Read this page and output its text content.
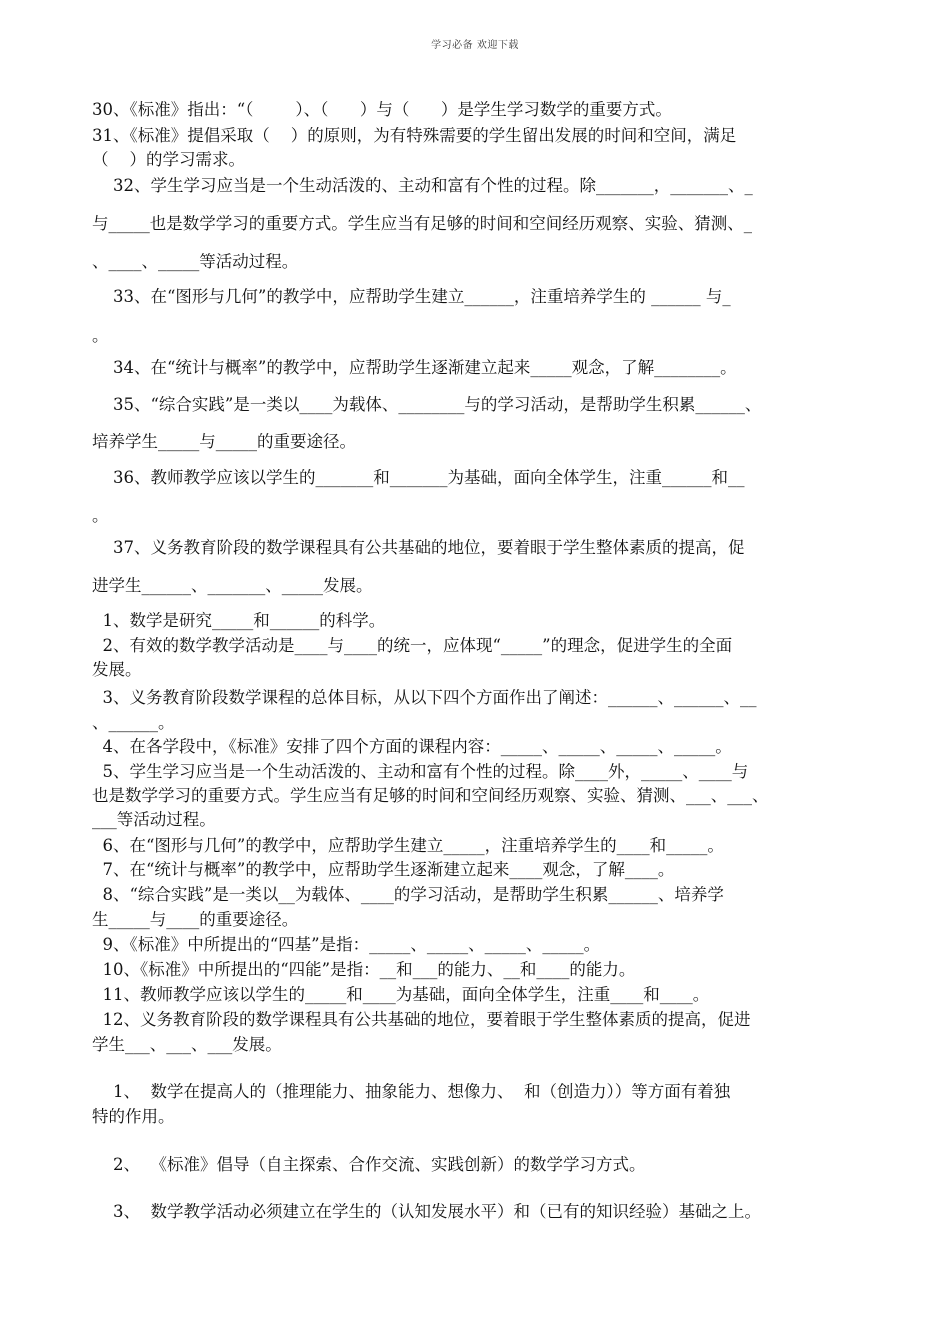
学习必备 欢迎下载
30、《标准》指出：“（        ）、（      ）与（      ）是学生学习数学的重要方式。
31、《标准》提倡采取（    ）的原则，为有特殊需要的学生留出发展的时间和空间，满足
（    ）的学习需求。
32、学生学习应当是一个生动活泼的、主动和富有个性的过程。除_______，_______、_
与_____也是数学学习的重要方式。学生应当有足够的时间和空间经历观察、实验、猜测、_
、____、_____等活动过程。
33、在“图形与几何”的教学中，应帮助学生建立______，注重培养学生的 ______ 与_
。
34、在“统计与概率”的教学中，应帮助学生逐渐建立起来_____观念，了解________。
35、“综合实践”是一类以____为载体、________与的学习活动，是帮助学生积累______、
培养学生_____与_____的重要途径。
36、教师教学应该以学生的_______和_______为基础，面向全体学生，注重______和__
。
37、义务教育阶段的数学课程具有公共基础的地位，要着眼于学生整体素质的提高，促
进学生______、_______、_____发展。
1、数学是研究_____和______的科学。
2、有效的数学教学活动是____与____的统一，应体现“_____”的理念，促进学生的全面
发展。
3、义务教育阶段数学课程的总体目标，从以下四个方面作出了阐述：______、______、__
、______。
4、在各学段中，《标准》安排了四个方面的课程内容：_____、_____、_____、_____。
5、学生学习应当是一个生动活泼的、主动和富有个性的过程。除____外，_____、____与
也是数学学习的重要方式。学生应当有足够的时间和空间经历观察、实验、猜测、___、___、
___等活动过程。
6、在“图形与几何”的教学中，应帮助学生建立_____，注重培养学生的____和_____。
7、在“统计与概率”的教学中，应帮助学生逐渐建立起来____观念，了解____。
8、“综合实践”是一类以__为载体、____的学习活动，是帮助学生积累______、培养学
生_____与____的重要途径。
9、《标准》中所提出的“四基”是指：_____、_____、_____、_____。
10、《标准》中所提出的“四能”是指：__和___的能力、__和____的能力。
11、教师教学应该以学生的_____和____为基础，面向全体学生，注重____和____。
12、义务教育阶段的数学课程具有公共基础的地位，要着眼于学生整体素质的提高，促进
学生___、___、___发展。
1、  数学在提高人的（推理能力、抽象能力、想像力、  和（创造力））等方面有着独
特的作用。
2、  《标准》倡导（自主探索、合作交流、实践创新）的数学学习方式。
3、  数学教学活动必须建立在学生的（认知发展水平）和（已有的知识经验）基础之上。
